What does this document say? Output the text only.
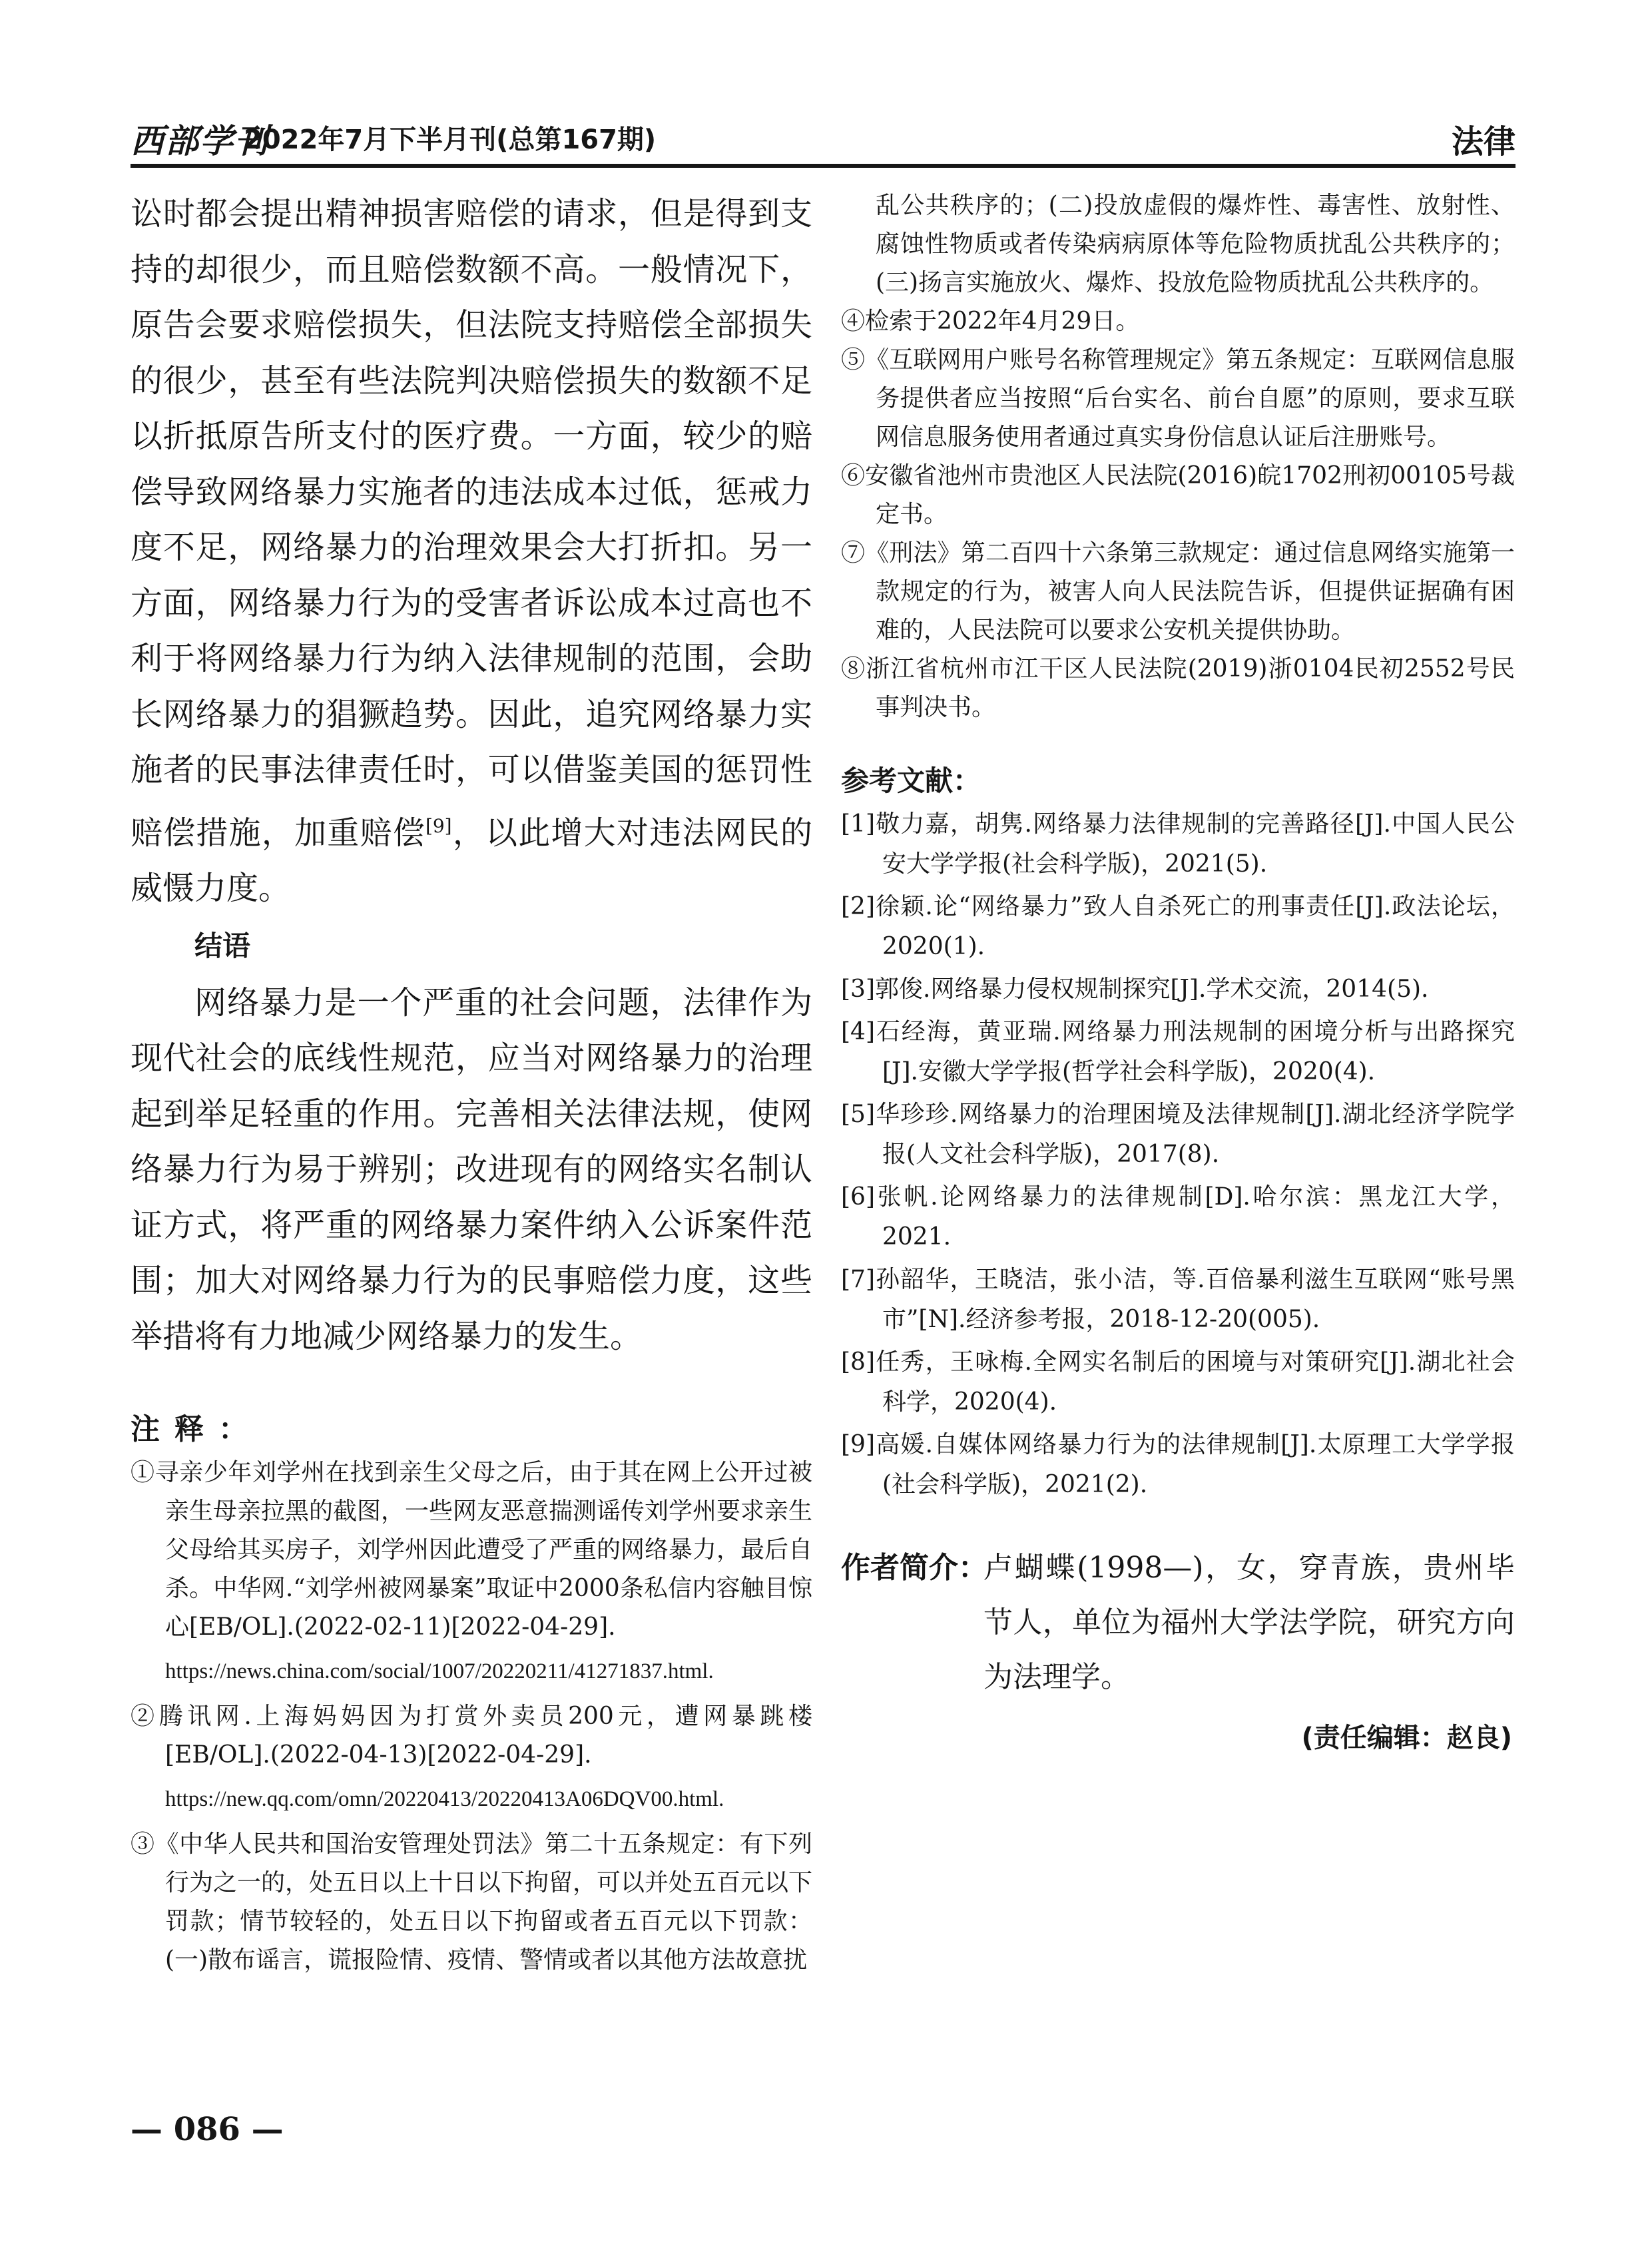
西部学刊
2022年7月下半月刊(总第167期)	法律

讼时都会提出精神损害赔偿的请求，但是得到支持的却很少，而且赔偿数额不高。一般情况下，原告会要求赔偿损失，但法院支持赔偿全部损失的很少，甚至有些法院判决赔偿损失的数额不足以折抵原告所支付的医疗费。一方面，较少的赔偿导致网络暴力实施者的违法成本过低，惩戒力度不足，网络暴力的治理效果会大打折扣。另一方面，网络暴力行为的受害者诉讼成本过高也不利于将网络暴力行为纳入法律规制的范围，会助长网络暴力的猖獗趋势。因此，追究网络暴力实施者的民事法律责任时，可以借鉴美国的惩罚性赔偿措施，加重赔偿[9]，以此增大对违法网民的威慑力度。

结语

网络暴力是一个严重的社会问题，法律作为现代社会的底线性规范，应当对网络暴力的治理起到举足轻重的作用。完善相关法律法规，使网络暴力行为易于辨别；改进现有的网络实名制认证方式，将严重的网络暴力案件纳入公诉案件范围；加大对网络暴力行为的民事赔偿力度，这些举措将有力地减少网络暴力的发生。

注释：

①寻亲少年刘学州在找到亲生父母之后，由于其在网上公开过被亲生母亲拉黑的截图，一些网友恶意揣测谣传刘学州要求亲生父母给其买房子，刘学州因此遭受了严重的网络暴力，最后自杀。中华网.“刘学州被网暴案”取证中2000条私信内容触目惊心[EB/OL].(2022-02-11)[2022-04-29].

https://news.china.com/social/1007/20220211/41271837.html.

②腾讯网.上海妈妈因为打赏外卖员200元，遭网暴跳楼[EB/OL].(2022-04-13)[2022-04-29].

https://new.qq.com/omn/20220413/20220413A06DQV00.html.

③《中华人民共和国治安管理处罚法》第二十五条规定：有下列行为之一的，处五日以上十日以下拘留，可以并处五百元以下罚款；情节较轻的，处五日以下拘留或者五百元以下罚款：(一)散布谣言，谎报险情、疫情、警情或者以其他方法故意扰

乱公共秩序的；(二)投放虚假的爆炸性、毒害性、放射性、腐蚀性物质或者传染病病原体等危险物质扰乱公共秩序的；(三)扬言实施放火、爆炸、投放危险物质扰乱公共秩序的。

④检索于2022年4月29日。

⑤《互联网用户账号名称管理规定》第五条规定：互联网信息服务提供者应当按照“后台实名、前台自愿”的原则，要求互联网信息服务使用者通过真实身份信息认证后注册账号。

⑥安徽省池州市贵池区人民法院(2016)皖1702刑初00105号裁定书。

⑦《刑法》第二百四十六条第三款规定：通过信息网络实施第一款规定的行为，被害人向人民法院告诉，但提供证据确有困难的，人民法院可以要求公安机关提供协助。

⑧浙江省杭州市江干区人民法院(2019)浙0104民初2552号民事判决书。

参考文献：

[1]敬力嘉，胡隽.网络暴力法律规制的完善路径[J].中国人民公安大学学报(社会科学版)，2021(5).

[2]徐颖.论“网络暴力”致人自杀死亡的刑事责任[J].政法论坛，2020(1).

[3]郭俊.网络暴力侵权规制探究[J].学术交流，2014(5).

[4]石经海，黄亚瑞.网络暴力刑法规制的困境分析与出路探究[J].安徽大学学报(哲学社会科学版)，2020(4).

[5]华珍珍.网络暴力的治理困境及法律规制[J].湖北经济学院学报(人文社会科学版)，2017(8).

[6]张帆.论网络暴力的法律规制[D].哈尔滨：黑龙江大学，2021.

[7]孙韶华，王晓洁，张小洁，等.百倍暴利滋生互联网“账号黑市”[N].经济参考报，2018-12-20(005).

[8]任秀，王咏梅.全网实名制后的困境与对策研究[J].湖北社会科学，2020(4).

[9]高媛.自媒体网络暴力行为的法律规制[J].太原理工大学学报(社会科学版)，2021(2).

作者简介：
卢蝴蝶(1998—)，女，穿青族，贵州毕节人，单位为福州大学法学院，研究方向为法理学。
(责任编辑：赵良)
— 086 —
